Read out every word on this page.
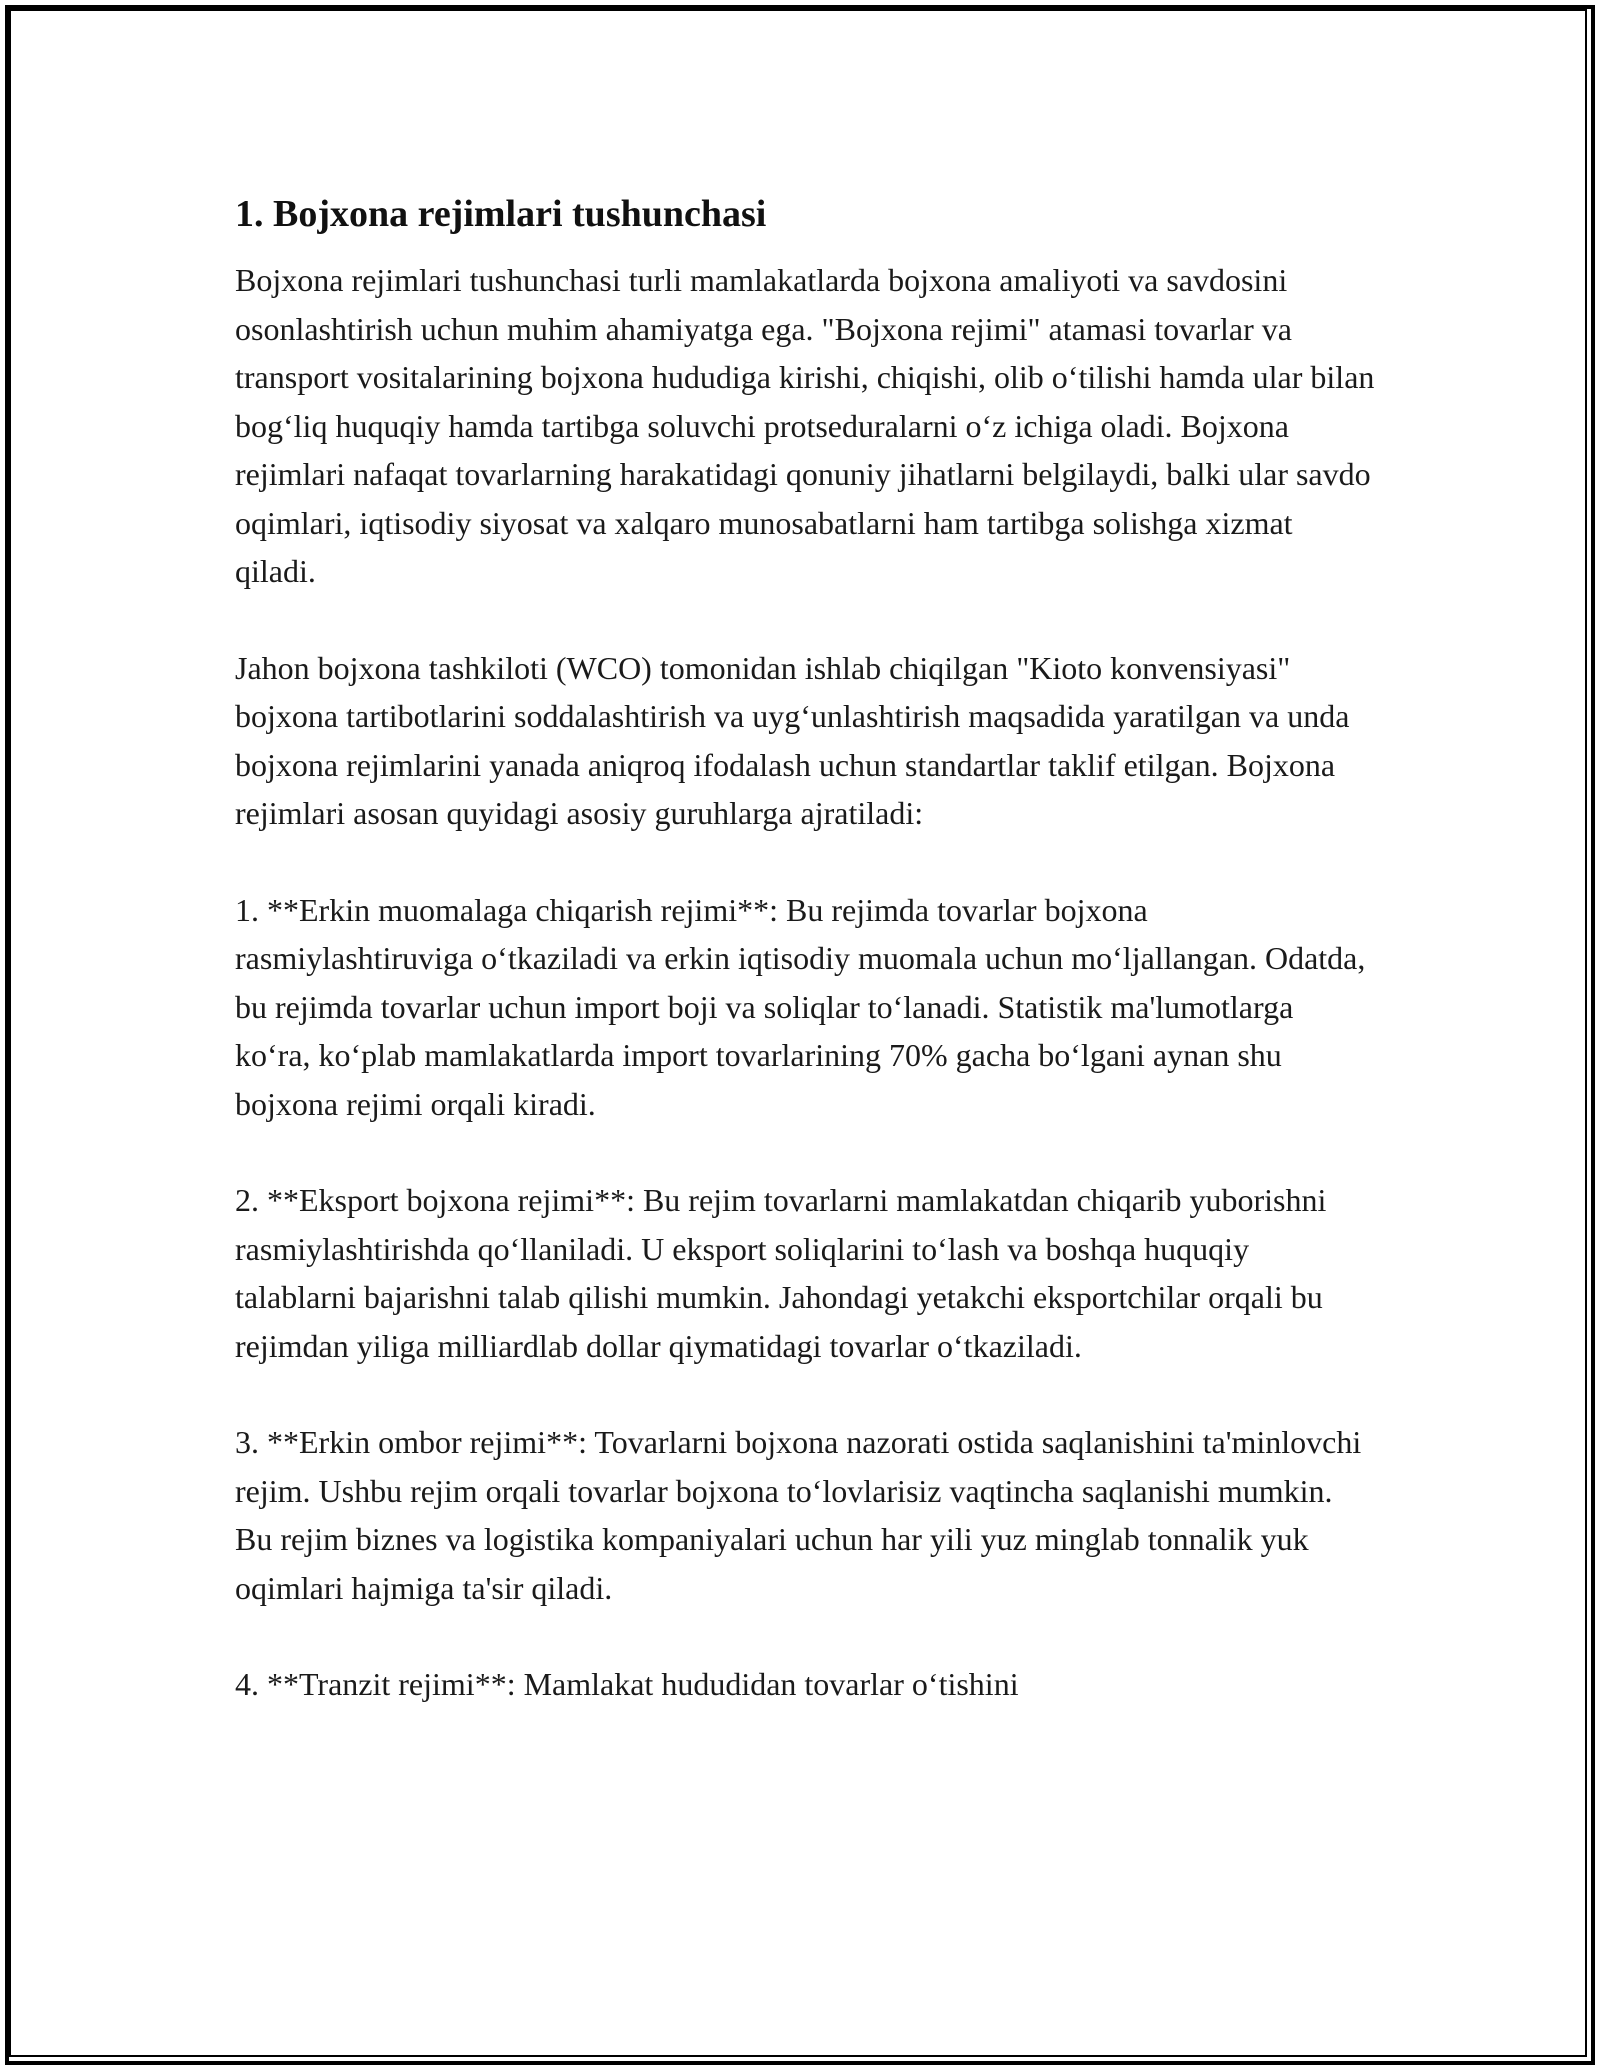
1. Bojxona rejimlari tushunchasi

Bojxona rejimlari tushunchasi turli mamlakatlarda bojxona amaliyoti va savdosini osonlashtirish uchun muhim ahamiyatga ega. "Bojxona rejimi" atamasi tovarlar va transport vositalarining bojxona hududiga kirishi, chiqishi, olib o‘tilishi hamda ular bilan bog‘liq huquqiy hamda tartibga soluvchi protseduralarni o‘z ichiga oladi. Bojxona rejimlari nafaqat tovarlarning harakatidagi qonuniy jihatlarni belgilaydi, balki ular savdo oqimlari, iqtisodiy siyosat va xalqaro munosabatlarni ham tartibga solishga xizmat qiladi.

Jahon bojxona tashkiloti (WCO) tomonidan ishlab chiqilgan "Kioto konvensiyasi" bojxona tartibotlarini soddalashtirish va uyg‘unlashtirish maqsadida yaratilgan va unda bojxona rejimlarini yanada aniqroq ifodalash uchun standartlar taklif etilgan. Bojxona rejimlari asosan quyidagi asosiy guruhlarga ajratiladi:

1. **Erkin muomalaga chiqarish rejimi**: Bu rejimda tovarlar bojxona rasmiylashtiruviga o‘tkaziladi va erkin iqtisodiy muomala uchun mo‘ljallangan. Odatda, bu rejimda tovarlar uchun import boji va soliqlar to‘lanadi. Statistik ma'lumotlarga ko‘ra, ko‘plab mamlakatlarda import tovarlarining 70% gacha bo‘lgani aynan shu bojxona rejimi orqali kiradi.

2. **Eksport bojxona rejimi**: Bu rejim tovarlarni mamlakatdan chiqarib yuborishni rasmiylashtirishda qo‘llaniladi. U eksport soliqlarini to‘lash va boshqa huquqiy talablarni bajarishni talab qilishi mumkin. Jahondagi yetakchi eksportchilar orqali bu rejimdan yiliga milliardlab dollar qiymatidagi tovarlar o‘tkaziladi.

3. **Erkin ombor rejimi**: Tovarlarni bojxona nazorati ostida saqlanishini ta'minlovchi rejim. Ushbu rejim orqali tovarlar bojxona to‘lovlarisiz vaqtincha saqlanishi mumkin. Bu rejim biznes va logistika kompaniyalari uchun har yili yuz minglab tonnalik yuk oqimlari hajmiga ta'sir qiladi.

4. **Tranzit rejimi**: Mamlakat hududidan tovarlar o‘tishini
